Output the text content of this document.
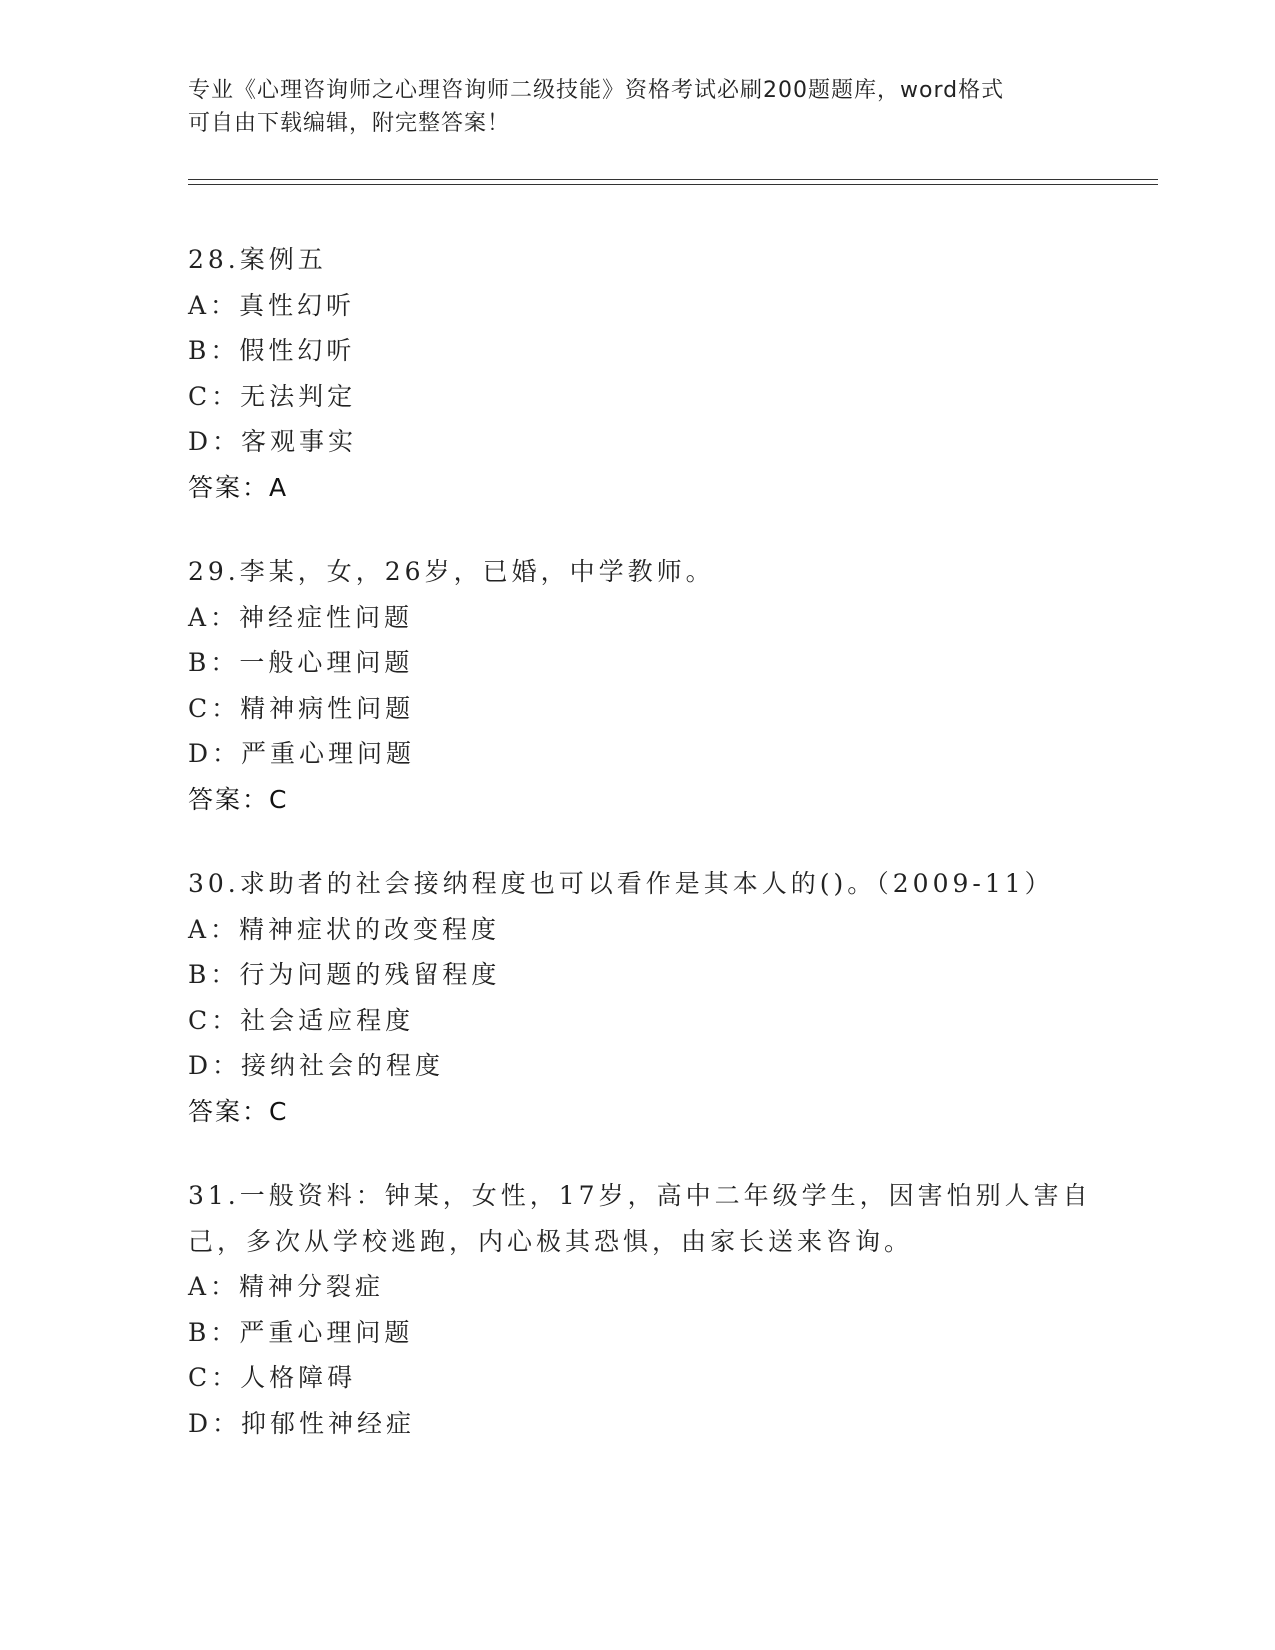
专业《心理咨询师之心理咨询师二级技能》资格考试必刷200题题库，word格式
可自由下载编辑，附完整答案！
28.案例五
A：真性幻听
B：假性幻听
C：无法判定
D：客观事实
答案：A
29.李某，女，26岁，已婚，中学教师。
A：神经症性问题
B：一般心理问题
C：精神病性问题
D：严重心理问题
答案：C
30.求助者的社会接纳程度也可以看作是其本人的()。（2009-11）
A：精神症状的改变程度
B：行为问题的残留程度
C：社会适应程度
D：接纳社会的程度
答案：C
31.一般资料：钟某，女性，17岁，高中二年级学生，因害怕别人害自
己，多次从学校逃跑，内心极其恐惧，由家长送来咨询。
A：精神分裂症
B：严重心理问题
C：人格障碍
D：抑郁性神经症
